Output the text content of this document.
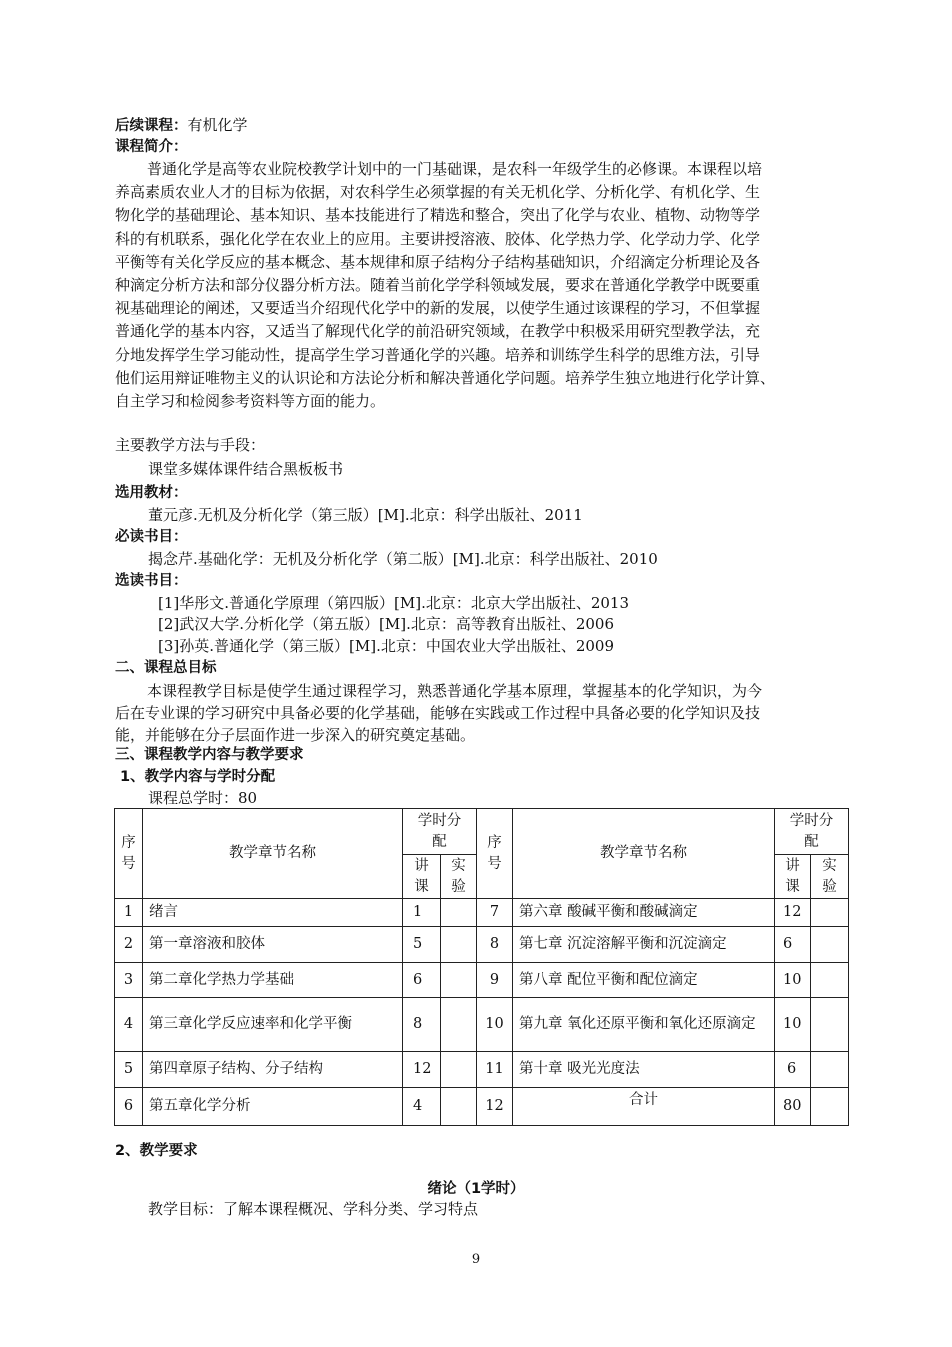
后续课程：有机化学
课程简介：
普通化学是高等农业院校教学计划中的一门基础课，是农科一年级学生的必修课。本课程以培
养高素质农业人才的目标为依据，对农科学生必须掌握的有关无机化学、分析化学、有机化学、生
物化学的基础理论、基本知识、基本技能进行了精选和整合，突出了化学与农业、植物、动物等学
科的有机联系，强化化学在农业上的应用。主要讲授溶液、胶体、化学热力学、化学动力学、化学
平衡等有关化学反应的基本概念、基本规律和原子结构分子结构基础知识，介绍滴定分析理论及各
种滴定分析方法和部分仪器分析方法。随着当前化学学科领域发展，要求在普通化学教学中既要重
视基础理论的阐述，又要适当介绍现代化学中的新的发展，以使学生通过该课程的学习，不但掌握
普通化学的基本内容，又适当了解现代化学的前沿研究领域，在教学中积极采用研究型教学法，充
分地发挥学生学习能动性，提高学生学习普通化学的兴趣。培养和训练学生科学的思维方法，引导
他们运用辩证唯物主义的认识论和方法论分析和解决普通化学问题。培养学生独立地进行化学计算、
自主学习和检阅参考资料等方面的能力。
主要教学方法与手段：
课堂多媒体课件结合黑板板书
选用教材：
董元彦.无机及分析化学（第三版）[M].北京：科学出版社、2011
必读书目：
揭念芹.基础化学：无机及分析化学（第二版）[M].北京：科学出版社、2010
选读书目：
[1]华彤文.普通化学原理（第四版）[M].北京：北京大学出版社、2013
[2]武汉大学.分析化学（第五版）[M].北京：高等教育出版社、2006
[3]孙英.普通化学（第三版）[M].北京：中国农业大学出版社、2009
二、课程总目标
本课程教学目标是使学生通过课程学习，熟悉普通化学基本原理，掌握基本的化学知识，为今
后在专业课的学习研究中具备必要的化学基础，能够在实践或工作过程中具备必要的化学知识及技
能，并能够在分子层面作进一步深入的研究奠定基础。
三、课程教学内容与教学要求
1、教学内容与学时分配
课程总学时：80
序号	教学章节名称	学时分配		序号	教学章节名称	学时分配	
		讲课	实验			讲课	实验
1	绪言	1		7	第六章 酸碱平衡和酸碱滴定	12	
2	第一章溶液和胶体	5		8	第七章 沉淀溶解平衡和沉淀滴定	6	
3	第二章化学热力学基础	6		9	第八章 配位平衡和配位滴定	10	
4	第三章化学反应速率和化学平衡	8		10	第九章 氧化还原平衡和氧化还原滴定	10	
5	第四章原子结构、分子结构	12		11	第十章 吸光光度法	6	
6	第五章化学分析	4		12	合计	80	
2、教学要求
绪论（1学时）
教学目标：了解本课程概况、学科分类、学习特点
9
